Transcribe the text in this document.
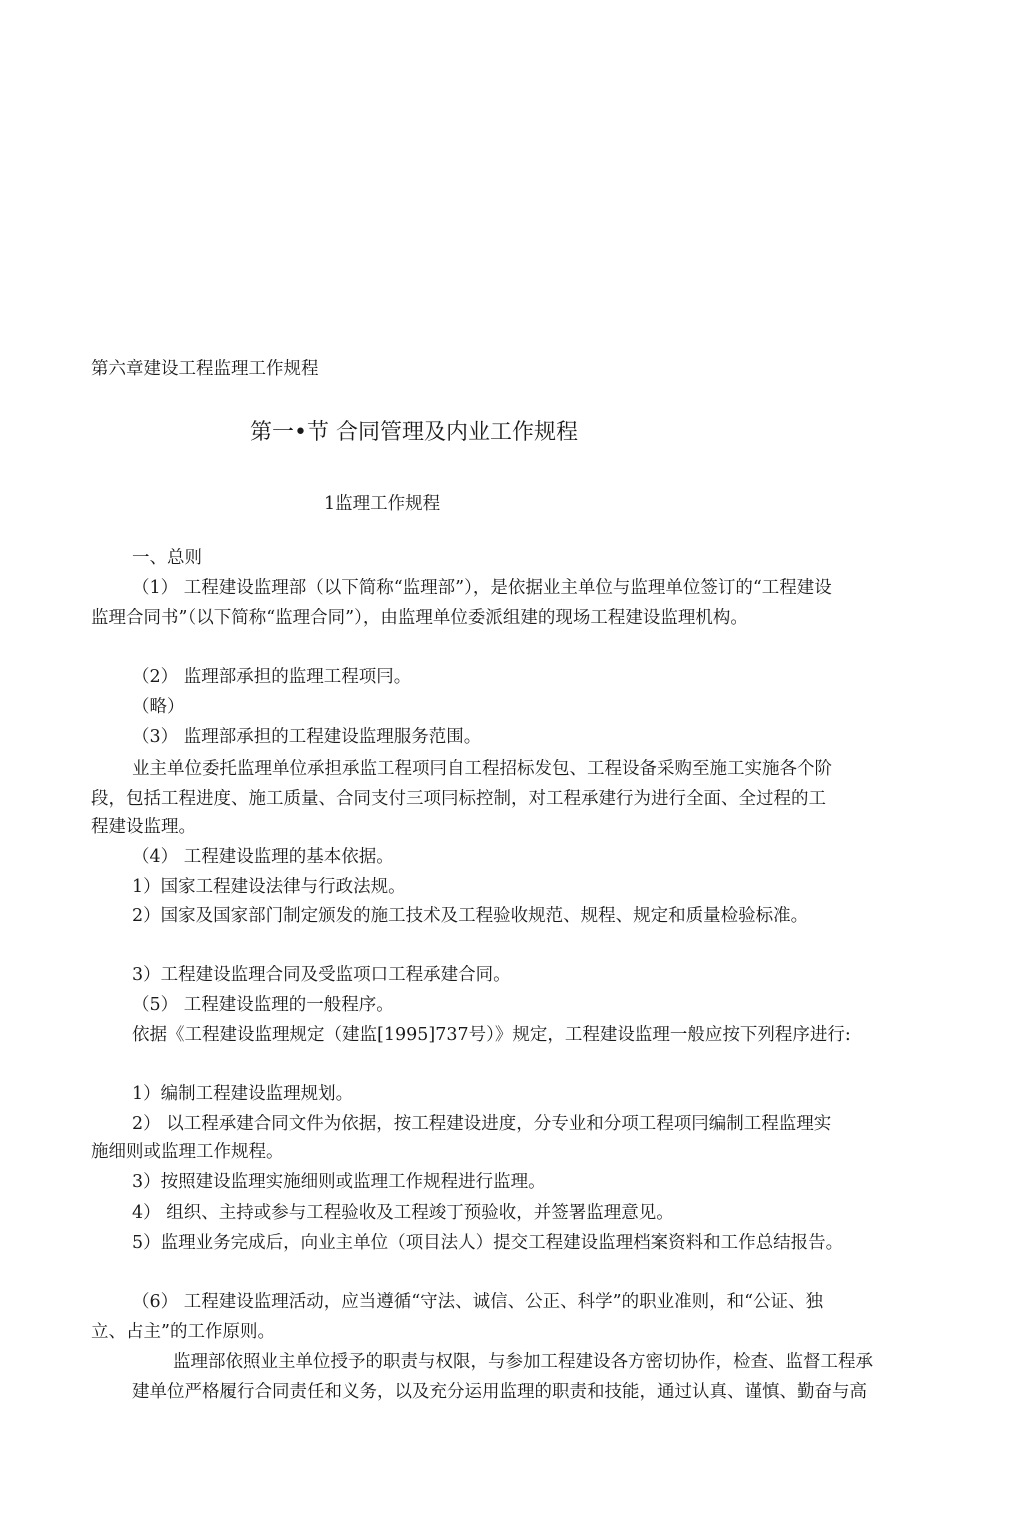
第六章建设工程监理工作规程
第一•节 合同管理及内业工作规程
1监理工作规程
一、总则
（1） 工程建设监理部（以下简称“监理部”），是依据业主单位与监理单位签订的“工程建设
监理合同书”（以下简称“监理合同”），由监理单位委派组建的现场工程建设监理机构。
（2） 监理部承担的监理工程项冃。
（略）
（3） 监理部承担的工程建设监理服务范围。
业主单位委托监理单位承担承监工程项冃自工程招标发包、工程设备采购至施工实施各个阶
段，包括工程进度、施工质量、合同支付三项冃标控制，对工程承建行为进行全面、全过程的工
程建设监理。
（4） 工程建设监理的基本依据。
1）国家工程建设法律与行政法规。
2）国家及国家部门制定颁发的施工技术及工程验收规范、规程、规定和质量检验标准。
3）工程建设监理合同及受监项口工程承建合同。
（5） 工程建设监理的一般程序。
依据《工程建设监理规定（建监[1995]737号）》规定，工程建设监理一般应按下列程序进行:
1）编制工程建设监理规划。
2） 以工程承建合同文件为依据，按工程建设进度，分专业和分项工程项冃编制工程监理实
施细则或监理工作规程。
3）按照建设监理实施细则或监理工作规程进行监理。
4） 组织、主持或参与工程验收及工程竣丁预验收，并签署监理意见。
5）监理业务完成后，向业主单位（项目法人）提交工程建设监理档案资料和工作总结报告。
（6） 工程建设监理活动，应当遵循“守法、诚信、公正、科学”的职业准则，和“公证、独
立、占主”的工作原则。
监理部依照业主单位授予的职责与权限，与参加工程建设各方密切协作，检查、监督工程承
建单位严格履行合同责任和义务，以及充分运用监理的职责和技能，通过认真、谨慎、勤奋与高
